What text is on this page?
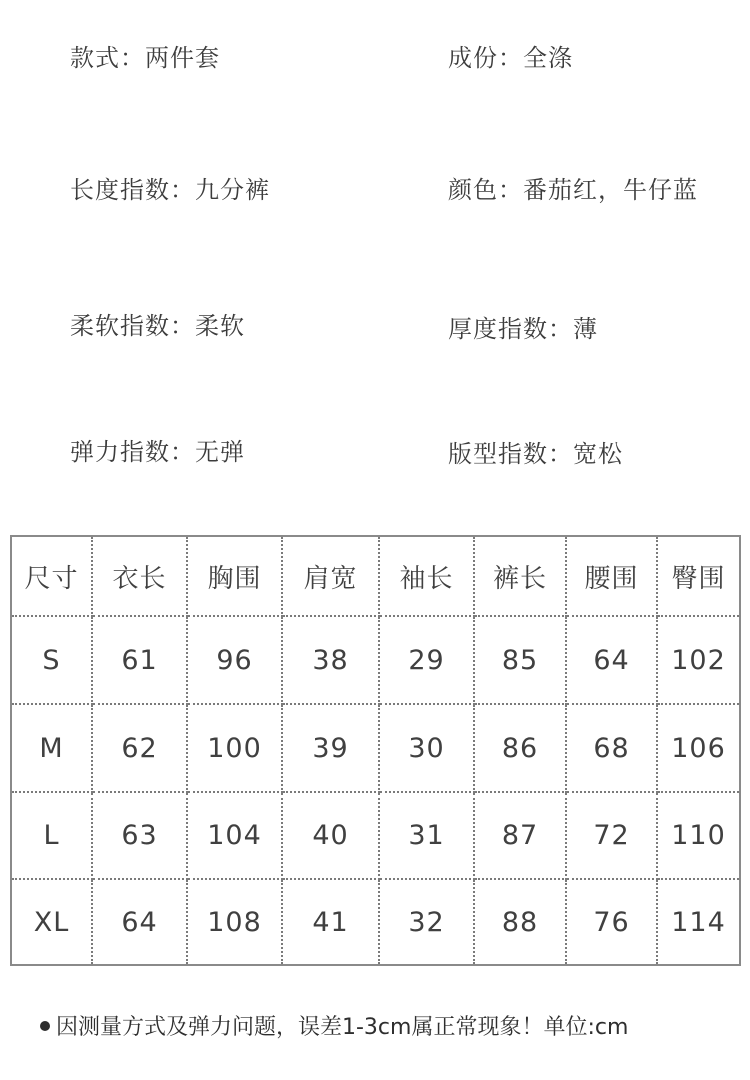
款式：两件套	成份：全涤
长度指数：九分裤	颜色：番茄红，牛仔蓝
柔软指数：柔软	厚度指数：薄
弹力指数：无弹	版型指数：宽松
尺寸	衣长	胸围	肩宽	袖长	裤长	腰围	臀围
S	61	96	38	29	85	64	102
M	62	100	39	30	86	68	106
L	63	104	40	31	87	72	110
XL	64	108	41	32	88	76	114
因测量方式及弹力问题，误差1-3cm属正常现象！单位:cm
